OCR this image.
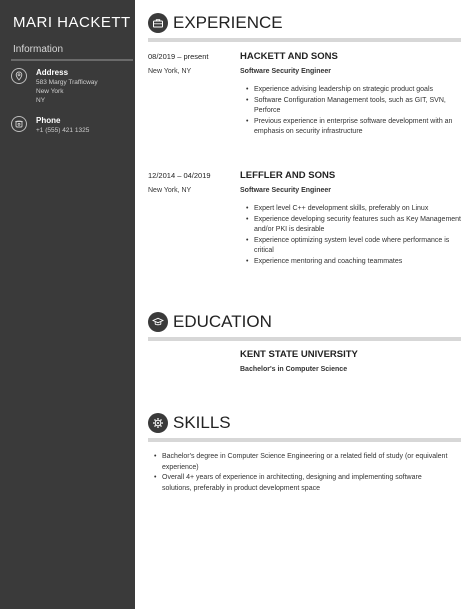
MARI HACKETT
Information
Address
583 Margy Trafficway
New York
NY
Phone
+1 (555) 421 1325
EXPERIENCE
08/2019 – present
New York, NY
HACKETT AND SONS
Software Security Engineer
• Experience advising leadership on strategic product goals
• Software Configuration Management tools, such as GIT, SVN, Perforce
• Previous experience in enterprise software development with an emphasis on security infrastructure
12/2014 – 04/2019
New York, NY
LEFFLER AND SONS
Software Security Engineer
• Expert level C++ development skills, preferably on Linux
• Experience developing security features such as Key Management and/or PKI is desirable
• Experience optimizing system level code where performance is critical
• Experience mentoring and coaching teammates
EDUCATION
KENT STATE UNIVERSITY
Bachelor's in Computer Science
SKILLS
• Bachelor's degree in Computer Science Engineering or a related field of study (or equivalent experience)
• Overall 4+ years of experience in architecting, designing and implementing software solutions, preferably in product development space
